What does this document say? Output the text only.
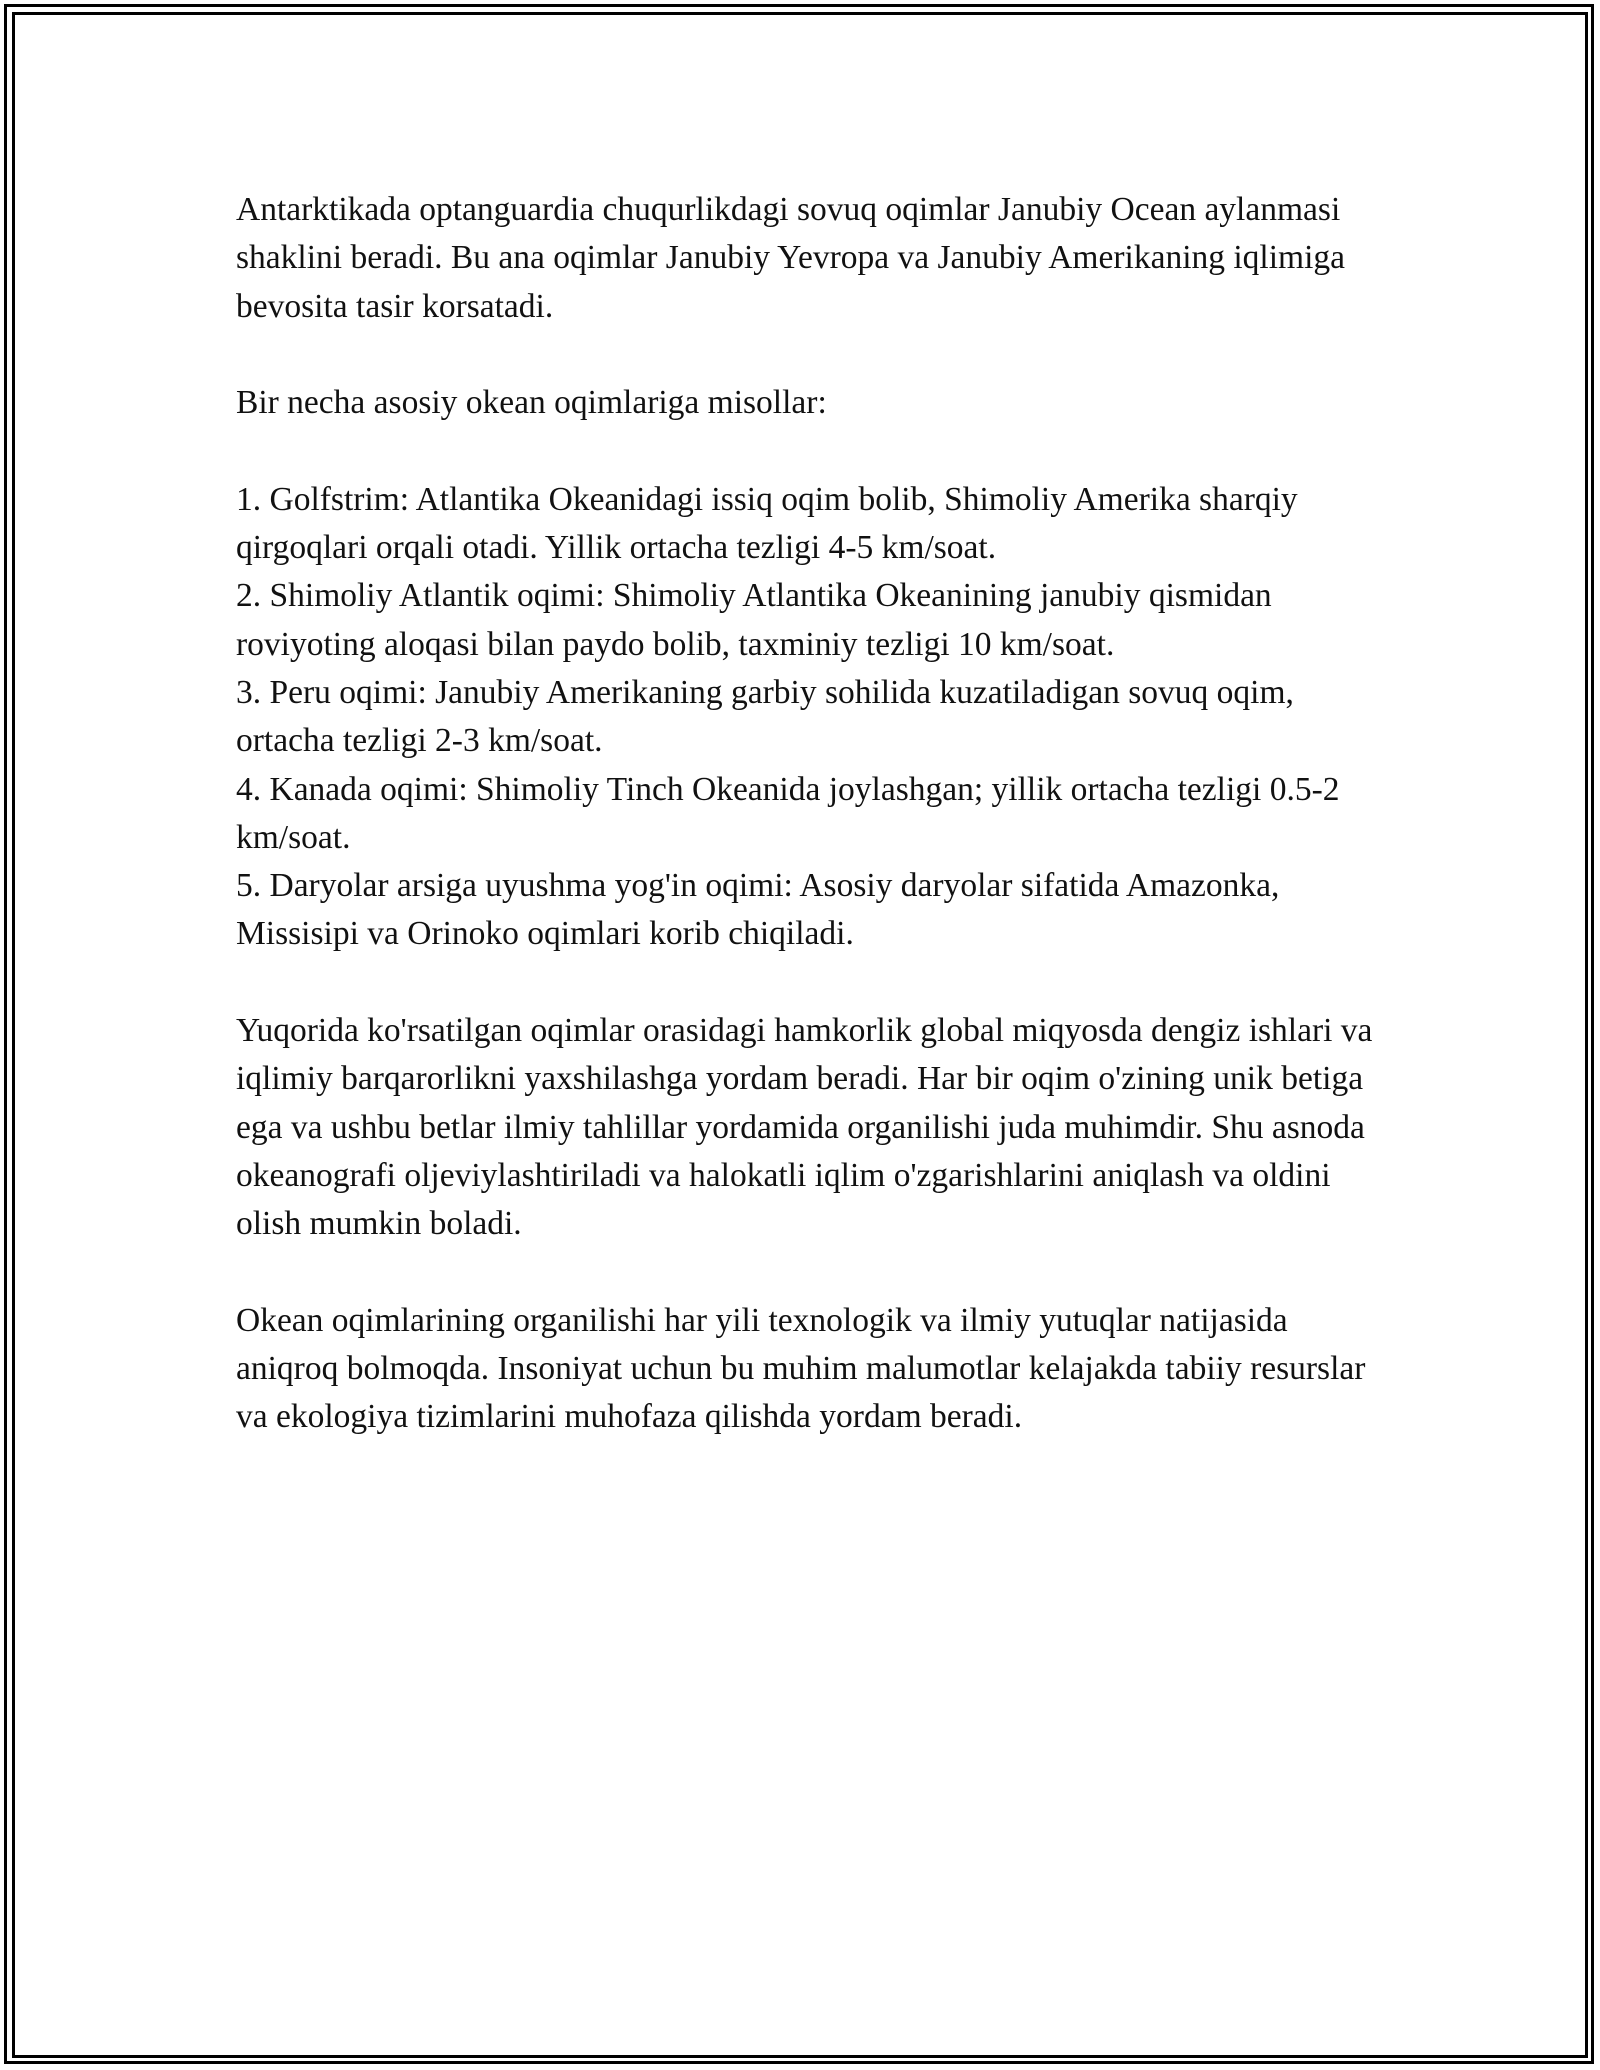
Antarktikada optanguardia chuqurlikdagi sovuq oqimlar Janubiy Ocean aylanmasi shaklini beradi. Bu ana oqimlar Janubiy Yevropa va Janubiy Amerikaning iqlimiga bevosita tasir korsatadi.

Bir necha asosiy okean oqimlariga misollar:

1. Golfstrim: Atlantika Okeanidagi issiq oqim bolib, Shimoliy Amerika sharqiy qirgoqlari orqali otadi. Yillik ortacha tezligi 4-5 km/soat.
2. Shimoliy Atlantik oqimi: Shimoliy Atlantika Okeanining janubiy qismidan roviyoting aloqasi bilan paydo bolib, taxminiy tezligi 10 km/soat.
3. Peru oqimi: Janubiy Amerikaning garbiy sohilida kuzatiladigan sovuq oqim, ortacha tezligi 2-3 km/soat.
4. Kanada oqimi: Shimoliy Tinch Okeanida joylashgan; yillik ortacha tezligi 0.5-2 km/soat.
5. Daryolar arsiga uyushma yog'in oqimi: Asosiy daryolar sifatida Amazonka, Missisipi va Orinoko oqimlari korib chiqiladi.

Yuqorida ko'rsatilgan oqimlar orasidagi hamkorlik global miqyosda dengiz ishlari va iqlimiy barqarorlikni yaxshilashga yordam beradi. Har bir oqim o'zining unik betiga ega va ushbu betlar ilmiy tahlillar yordamida organilishi juda muhimdir. Shu asnoda okeanografi oljeviylashtiriladi va halokatli iqlim o'zgarishlarini aniqlash va oldini olish mumkin boladi.

Okean oqimlarining organilishi har yili texnologik va ilmiy yutuqlar natijasida aniqroq bolmoqda. Insoniyat uchun bu muhim malumotlar kelajakda tabiiy resurslar va ekologiya tizimlarini muhofaza qilishda yordam beradi.
